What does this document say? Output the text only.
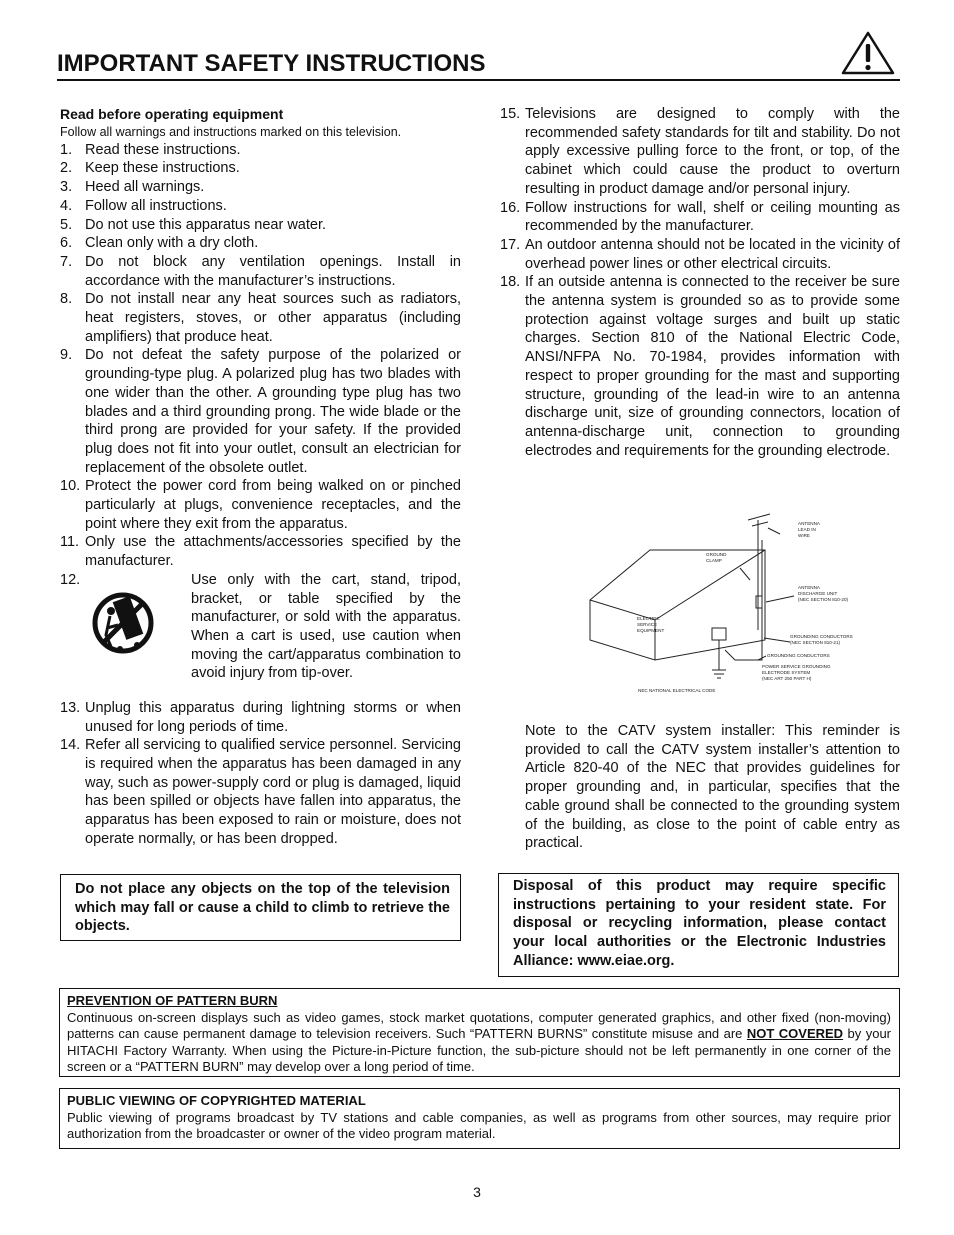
IMPORTANT SAFETY INSTRUCTIONS
Read before operating equipment
Follow all warnings and instructions marked on this television.
1. Read these instructions.
2. Keep these instructions.
3. Heed all warnings.
4. Follow all instructions.
5. Do not use this apparatus near water.
6. Clean only with a dry cloth.
7. Do not block any ventilation openings. Install in accordance with the manufacturer’s instructions.
8. Do not install near any heat sources such as radiators, heat registers, stoves, or other apparatus (including amplifiers) that produce heat.
9. Do not defeat the safety purpose of the polarized or grounding-type plug. A polarized plug has two blades with one wider than the other. A grounding type plug has two blades and a third grounding prong. The wide blade or the third prong are provided for your safety. If the provided plug does not fit into your outlet, consult an electrician for replacement of the obsolete outlet.
10. Protect the power cord from being walked on or pinched particularly at plugs, convenience receptacles, and the point where they exit from the apparatus.
11. Only use the attachments/accessories specified by the manufacturer.
12.	Use only with the cart, stand, tripod, bracket, or table specified by the manufacturer, or sold with the apparatus. When a cart is used, use caution when moving the cart/apparatus combination to avoid injury from tip-over.
13. Unplug this apparatus during lightning storms or when unused for long periods of time.
14. Refer all servicing to qualified service personnel. Servicing is required when the apparatus has been damaged in any way, such as power-supply cord or plug is damaged, liquid has been spilled or objects have fallen into apparatus, the apparatus has been exposed to rain or moisture, does not operate normally, or has been dropped.
Do not place any objects on the top of the television which may fall or cause a child to climb to retrieve the objects.
15. Televisions are designed to comply with the recommended safety standards for tilt and stability. Do not apply excessive pulling force to the front, or top, of the cabinet which could cause the product to overturn resulting in product damage and/or personal injury.
16. Follow instructions for wall, shelf or ceiling mounting as recommended by the manufacturer.
17. An outdoor antenna should not be located in the vicinity of overhead power lines or other electrical circuits.
18. If an outside antenna is connected to the receiver be sure the antenna system is grounded so as to provide some protection against voltage surges and built up static charges. Section 810 of the National Electric Code, ANSI/NFPA No. 70-1984, provides information with respect to proper grounding for the mast and supporting structure, grounding of the lead-in wire to an antenna discharge unit, size of grounding connectors, location of antenna-discharge unit, connection to grounding electrodes and requirements for the grounding electrode.
ANTENNA
LEAD IN
WIRE
GROUND
CLAMP
ANTENNA
DISCHARGE UNIT
(NEC SECTION 810-20)
ELECTRIC
SERVICE
EQUIPMENT
GROUNDING CONDUCTORS
(NEC SECTION 810-21)
GROUNDING CONDUCTORS
POWER SERVICE GROUNDING
ELECTRODE SYSTEM
(NEC ART 250 PART H)
NEC NATIONAL ELECTRICAL CODE
Note to the CATV system installer: This reminder is provided to call the CATV system installer’s attention to Article 820-40 of the NEC that provides guidelines for proper grounding and, in particular, specifies that the cable ground shall be connected to the grounding system of the building, as close to the point of cable entry as practical.
Disposal of this product may require specific instructions pertaining to your resident state. For disposal or recycling information, please contact your local authorities or the Electronic Industries Alliance: www.eiae.org.
PREVENTION OF PATTERN BURN
Continuous on-screen displays such as video games, stock market quotations, computer generated graphics, and other fixed (non-moving) patterns can cause permanent damage to television receivers. Such “PATTERN BURNS” constitute misuse and are NOT COVERED by your HITACHI Factory Warranty. When using the Picture-in-Picture function, the sub-picture should not be left permanently in one corner of the screen or a “PATTERN BURN” may develop over a long period of time.
PUBLIC VIEWING OF COPYRIGHTED MATERIAL
Public viewing of programs broadcast by TV stations and cable companies, as well as programs from other sources, may require prior authorization from the broadcaster or owner of the video program material.
3
